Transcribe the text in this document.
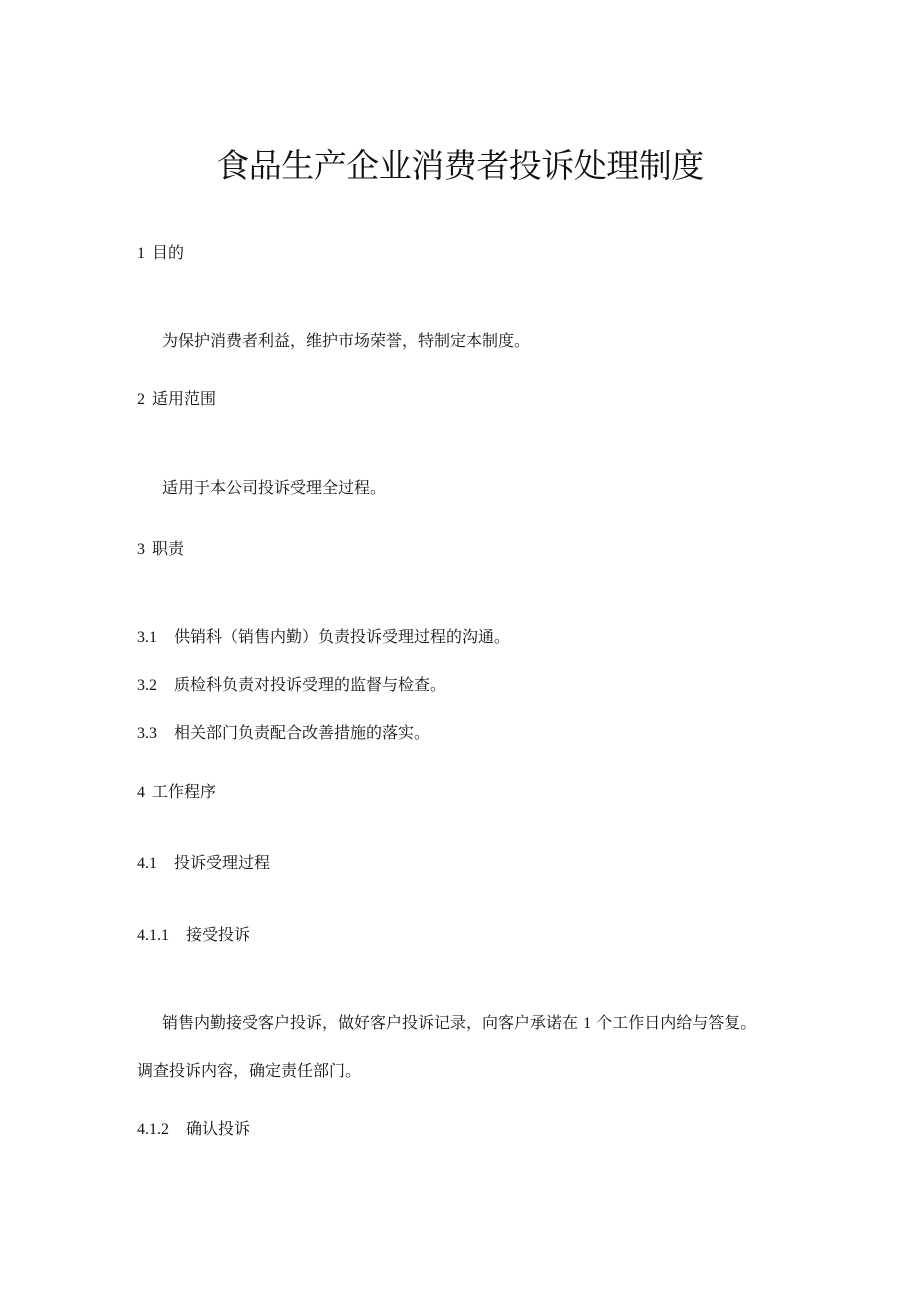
食品生产企业消费者投诉处理制度
1 目的
为保护消费者利益，维护市场荣誉，特制定本制度。
2 适用范围
适用于本公司投诉受理全过程。
3 职责
3.1 供销科（销售内勤）负责投诉受理过程的沟通。
3.2 质检科负责对投诉受理的监督与检查。
3.3 相关部门负责配合改善措施的落实。
4 工作程序
4.1 投诉受理过程
4.1.1 接受投诉
销售内勤接受客户投诉，做好客户投诉记录，向客户承诺在 1 个工作日内给与答复。
调查投诉内容，确定责任部门。
4.1.2 确认投诉
